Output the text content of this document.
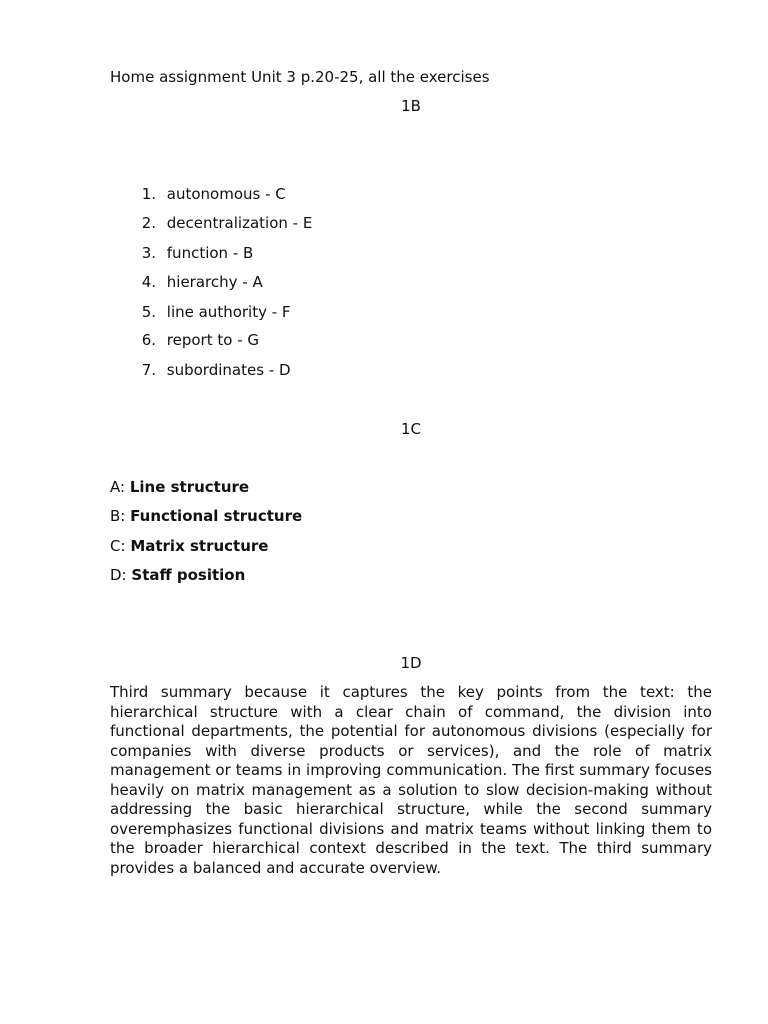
Home assignment Unit 3 p.20-25, all the exercises
1B
1. autonomous - C
2. decentralization - E
3. function - B
4. hierarchy - A
5. line authority - F
6. report to - G
7. subordinates - D
1C
A: Line structure
B: Functional structure
C: Matrix structure
D: Staff position
1D
Third summary because it captures the key points from the text: the hierarchical structure with a clear chain of command, the division into functional departments, the potential for autonomous divisions (especially for companies with diverse products or services), and the role of matrix management or teams in improving communication. The first summary focuses heavily on matrix management as a solution to slow decision-making without addressing the basic hierarchical structure, while the second summary overemphasizes functional divisions and matrix teams without linking them to the broader hierarchical context described in the text. The third summary provides a balanced and accurate overview.
